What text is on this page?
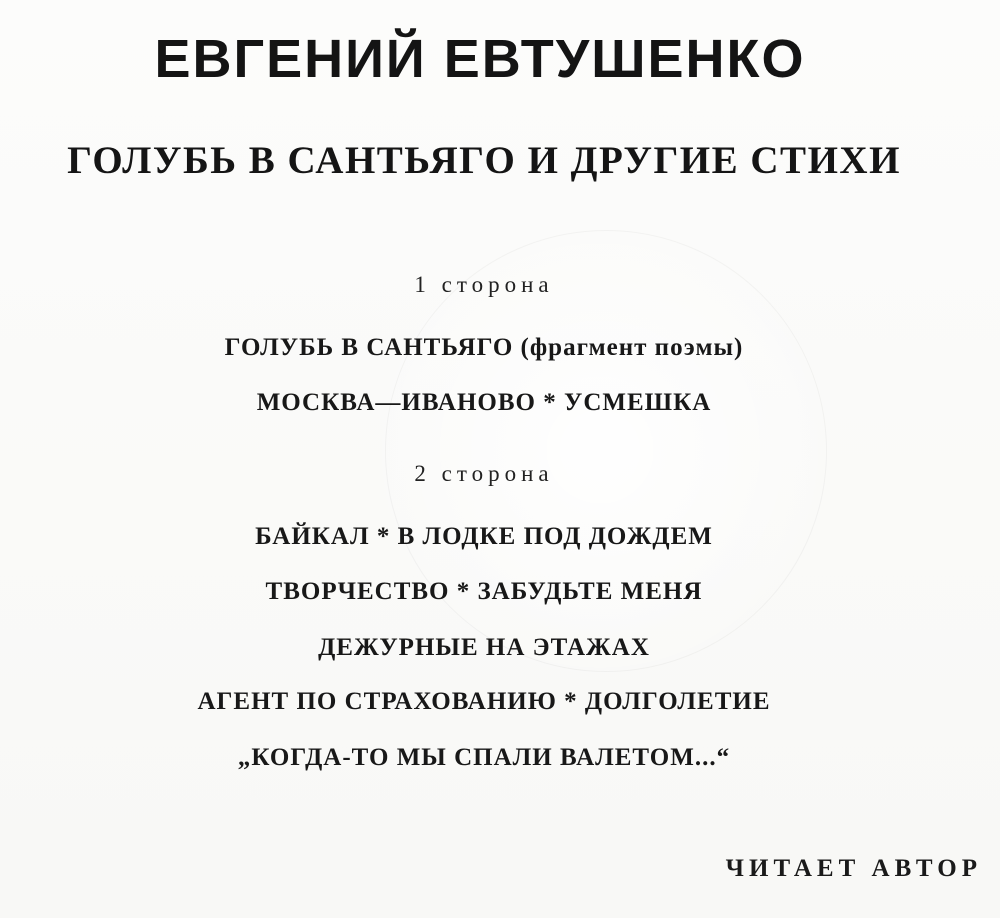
ЕВГЕНИЙ ЕВТУШЕНКО
ГОЛУБЬ В САНТЬЯГО И ДРУГИЕ СТИХИ
1 сторона
ГОЛУБЬ В САНТЬЯГО (фрагмент поэмы)
МОСКВА—ИВАНОВО * УСМЕШКА
2 сторона
БАЙКАЛ * В ЛОДКЕ ПОД ДОЖДЕМ
ТВОРЧЕСТВО * ЗАБУДЬТЕ МЕНЯ
ДЕЖУРНЫЕ НА ЭТАЖАХ
АГЕНТ ПО СТРАХОВАНИЮ * ДОЛГОЛЕТИЕ
„КОГДА-ТО МЫ СПАЛИ ВАЛЕТОМ...“
ЧИТАЕТ АВТОР
